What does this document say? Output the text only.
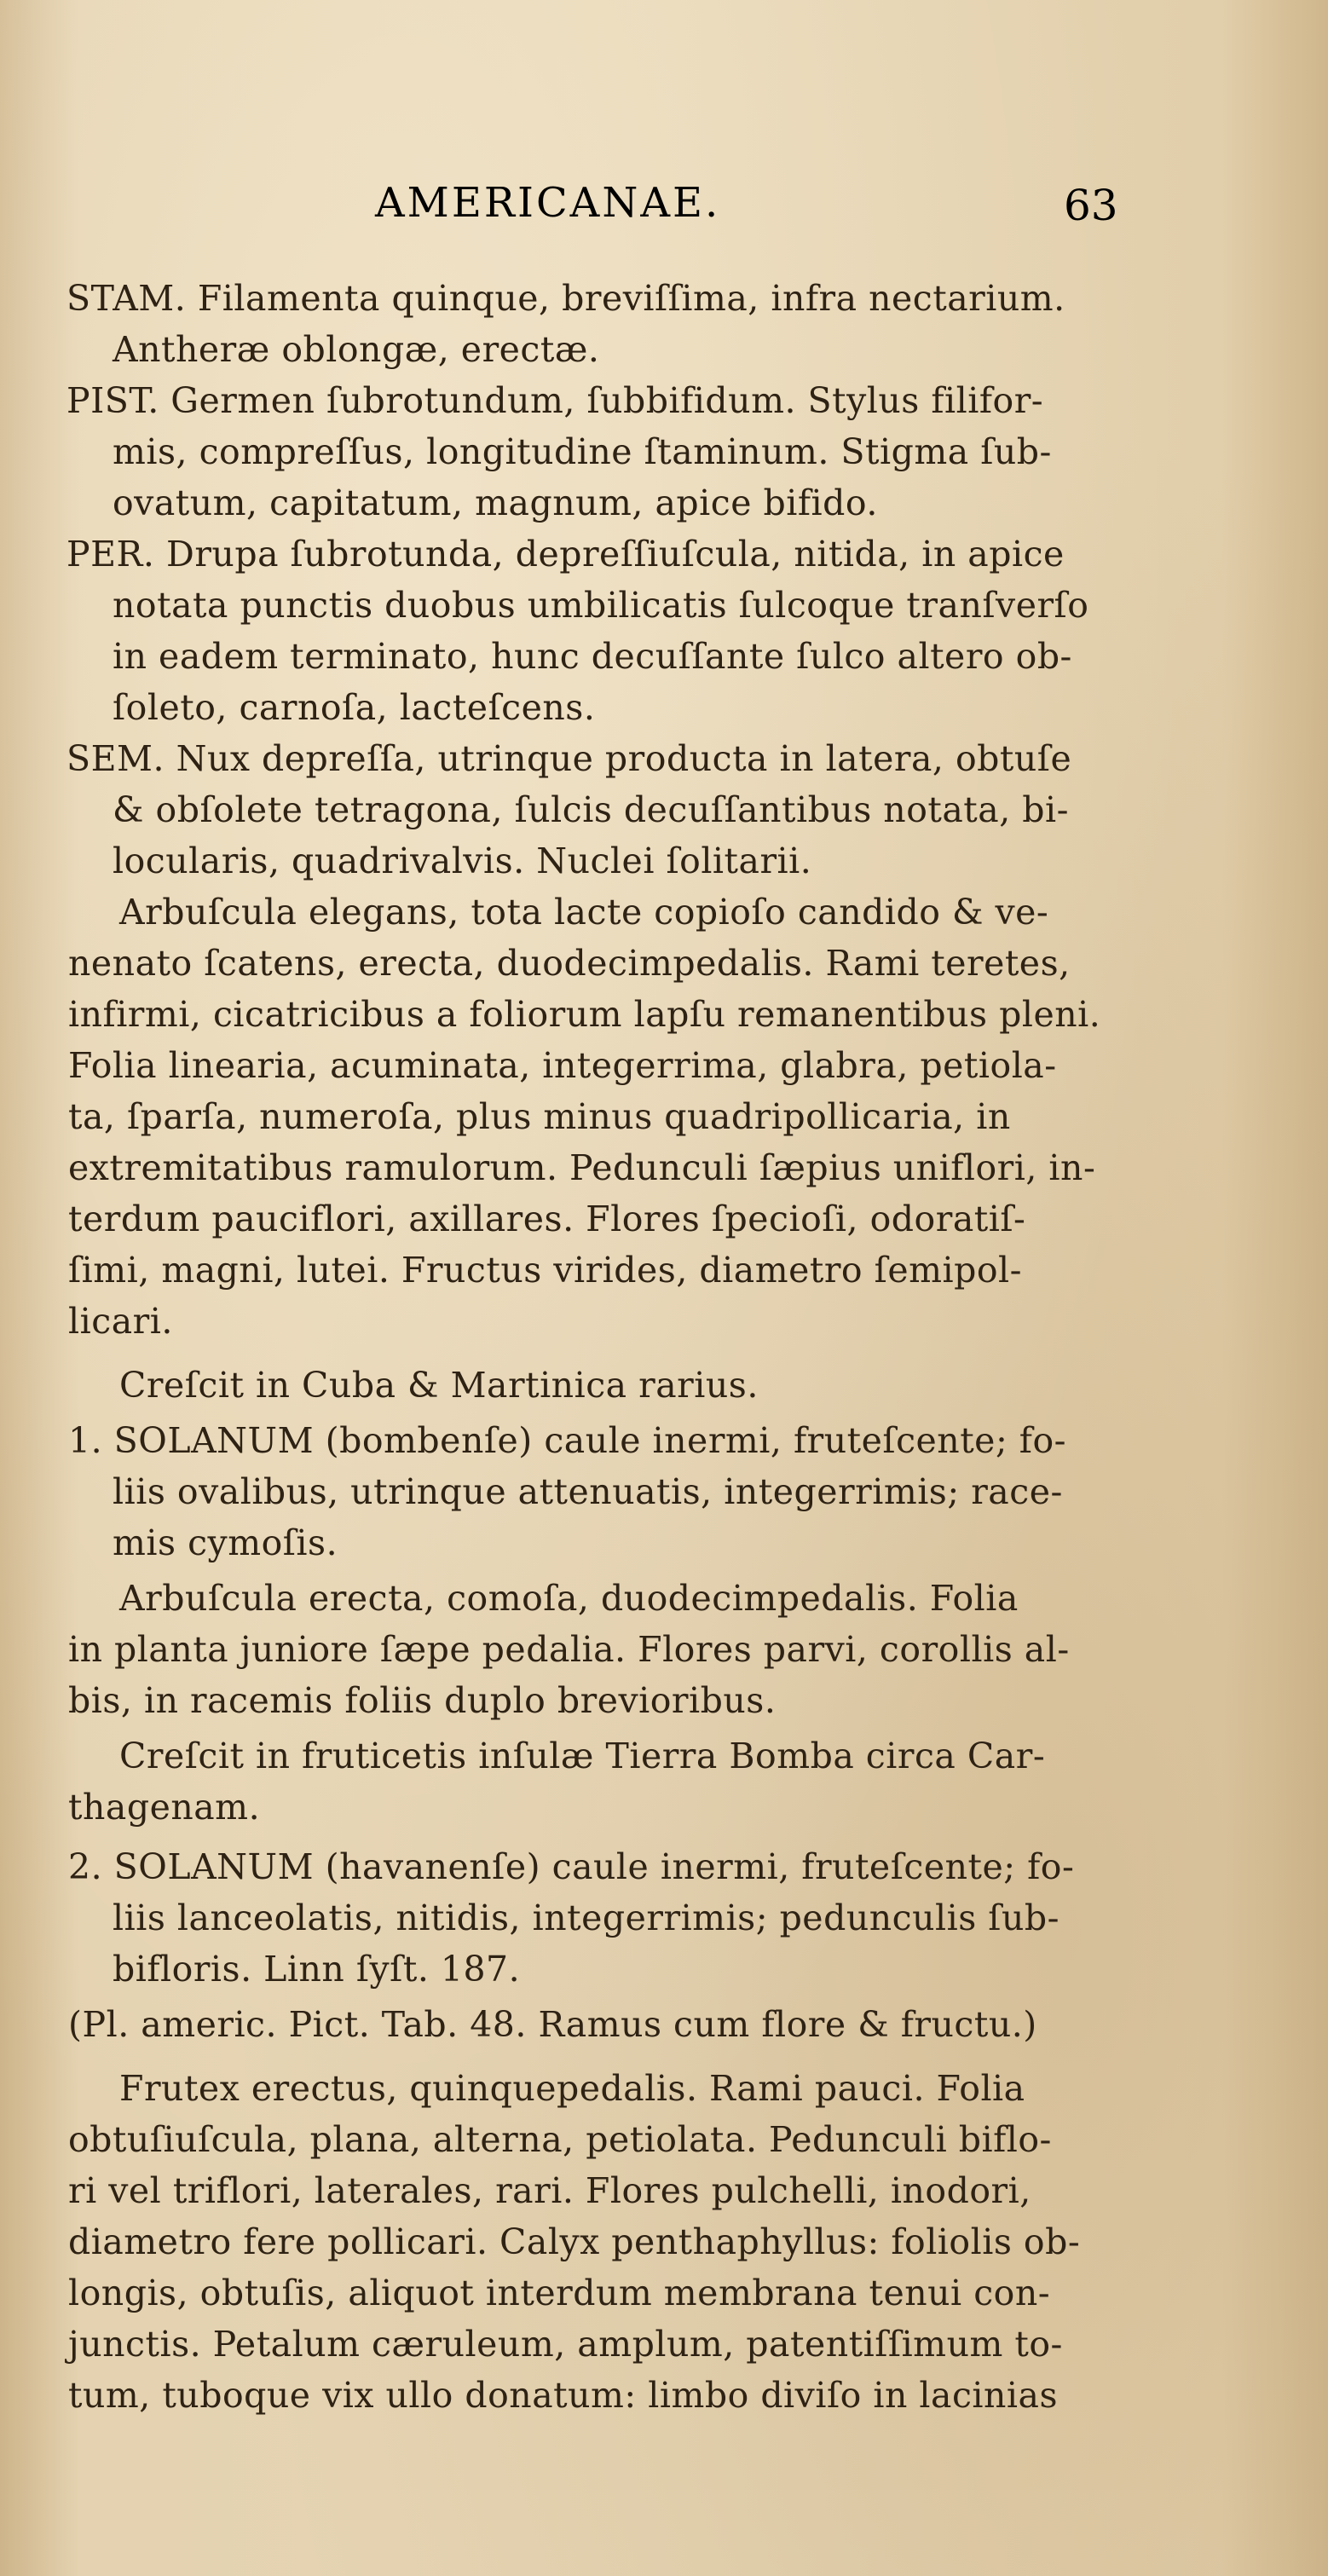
AMERICANAE.	63
STAM. Filamenta quinque, breviſſima, infra nectarium.
Antheræ oblongæ, erectæ.
PIST. Germen ſubrotundum, ſubbifidum. Stylus filifor-
mis, compreſſus, longitudine ſtaminum. Stigma ſub-
ovatum, capitatum, magnum, apice bifido.
PER. Drupa ſubrotunda, depreſſiuſcula, nitida, in apice
notata punctis duobus umbilicatis ſulcoque tranſverſo
in eadem terminato, hunc decuſſante ſulco altero ob-
ſoleto, carnoſa, lacteſcens.
SEM. Nux depreſſa, utrinque producta in latera, obtuſe
& obſolete tetragona, ſulcis decuſſantibus notata, bi-
locularis, quadrivalvis. Nuclei ſolitarii.
Arbuſcula elegans, tota lacte copioſo candido & ve-
nenato ſcatens, erecta, duodecimpedalis. Rami teretes,
infirmi, cicatricibus a foliorum lapſu remanentibus pleni.
Folia linearia, acuminata, integerrima, glabra, petiola-
ta, ſparſa, numeroſa, plus minus quadripollicaria, in
extremitatibus ramulorum. Pedunculi ſæpius uniflori, in-
terdum pauciflori, axillares. Flores ſpecioſi, odoratiſ-
ſimi, magni, lutei. Fructus virides, diametro ſemipol-
licari.
Creſcit in Cuba & Martinica rarius.
1. SOLANUM (bombenſe) caule inermi, fruteſcente; fo-
liis ovalibus, utrinque attenuatis, integerrimis; race-
mis cymoſis.
Arbuſcula erecta, comoſa, duodecimpedalis. Folia
in planta juniore ſæpe pedalia. Flores parvi, corollis al-
bis, in racemis foliis duplo brevioribus.
Creſcit in fruticetis inſulæ Tierra Bomba circa Car-
thagenam.
2. SOLANUM (havanenſe) caule inermi, fruteſcente; fo-
liis lanceolatis, nitidis, integerrimis; pedunculis ſub-
bifloris. Linn ſyſt. 187.
(Pl. americ. Pict. Tab. 48. Ramus cum flore & fructu.)
Frutex erectus, quinquepedalis. Rami pauci. Folia
obtuſiuſcula, plana, alterna, petiolata. Pedunculi biflo-
ri vel triflori, laterales, rari. Flores pulchelli, inodori,
diametro fere pollicari. Calyx penthaphyllus: foliolis ob-
longis, obtuſis, aliquot interdum membrana tenui con-
junctis. Petalum cæruleum, amplum, patentiſſimum to-
tum, tuboque vix ullo donatum: limbo diviſo in lacinias
